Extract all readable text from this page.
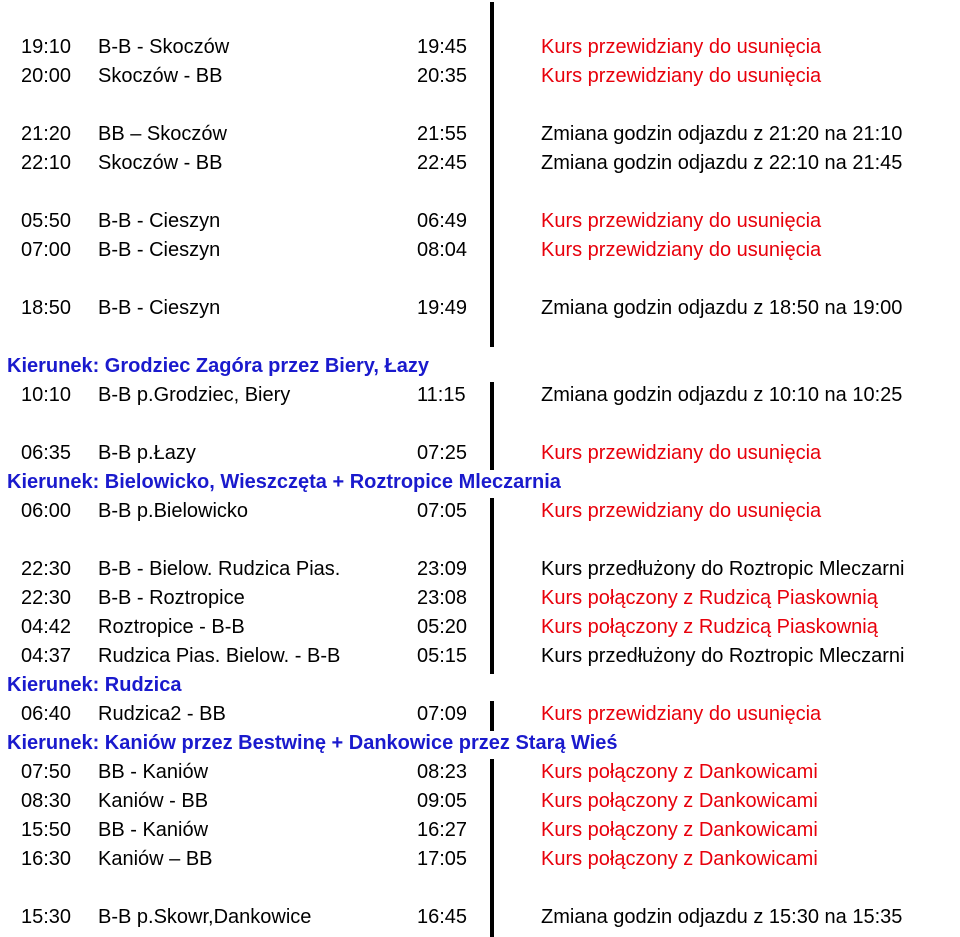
19:10 B-B - Skoczów	19:45	Kurs przewidziany do usunięcia
20:00 Skoczów - BB	20:35	Kurs przewidziany do usunięcia
21:20 BB – Skoczów	21:55	Zmiana godzin odjazdu z 21:20 na 21:10
22:10 Skoczów - BB	22:45	Zmiana godzin odjazdu z 22:10 na 21:45
05:50 B-B - Cieszyn	06:49	Kurs przewidziany do usunięcia
07:00 B-B - Cieszyn	08:04	Kurs przewidziany do usunięcia
18:50 B-B - Cieszyn	19:49	Zmiana godzin odjazdu z 18:50 na 19:00
Kierunek: Grodziec Zagóra przez Biery, Łazy
10:10 B-B p.Grodziec, Biery	11:15	Zmiana godzin odjazdu z 10:10 na 10:25
06:35 B-B p.Łazy	07:25	Kurs przewidziany do usunięcia
Kierunek: Bielowicko, Wieszczęta + Roztropice Mleczarnia
06:00 B-B p.Bielowicko	07:05	Kurs przewidziany do usunięcia
22:30 B-B - Bielow. Rudzica Pias.	23:09	Kurs przedłużony do Roztropic Mleczarni
22:30 B-B - Roztropice	23:08	Kurs połączony z Rudzicą Piaskownią
04:42 Roztropice - B-B	05:20	Kurs połączony z Rudzicą Piaskownią
04:37 Rudzica Pias. Bielow. - B-B	05:15	Kurs przedłużony do Roztropic Mleczarni
Kierunek: Rudzica
06:40 Rudzica2 - BB	07:09	Kurs przewidziany do usunięcia
Kierunek: Kaniów przez Bestwinę + Dankowice przez Starą Wieś
07:50 BB - Kaniów	08:23	Kurs połączony z Dankowicami
08:30 Kaniów - BB	09:05	Kurs połączony z Dankowicami
15:50 BB - Kaniów	16:27	Kurs połączony z Dankowicami
16:30 Kaniów – BB	17:05	Kurs połączony z Dankowicami
15:30 B-B p.Skowr,Dankowice	16:45	Zmiana godzin odjazdu z 15:30 na 15:35
